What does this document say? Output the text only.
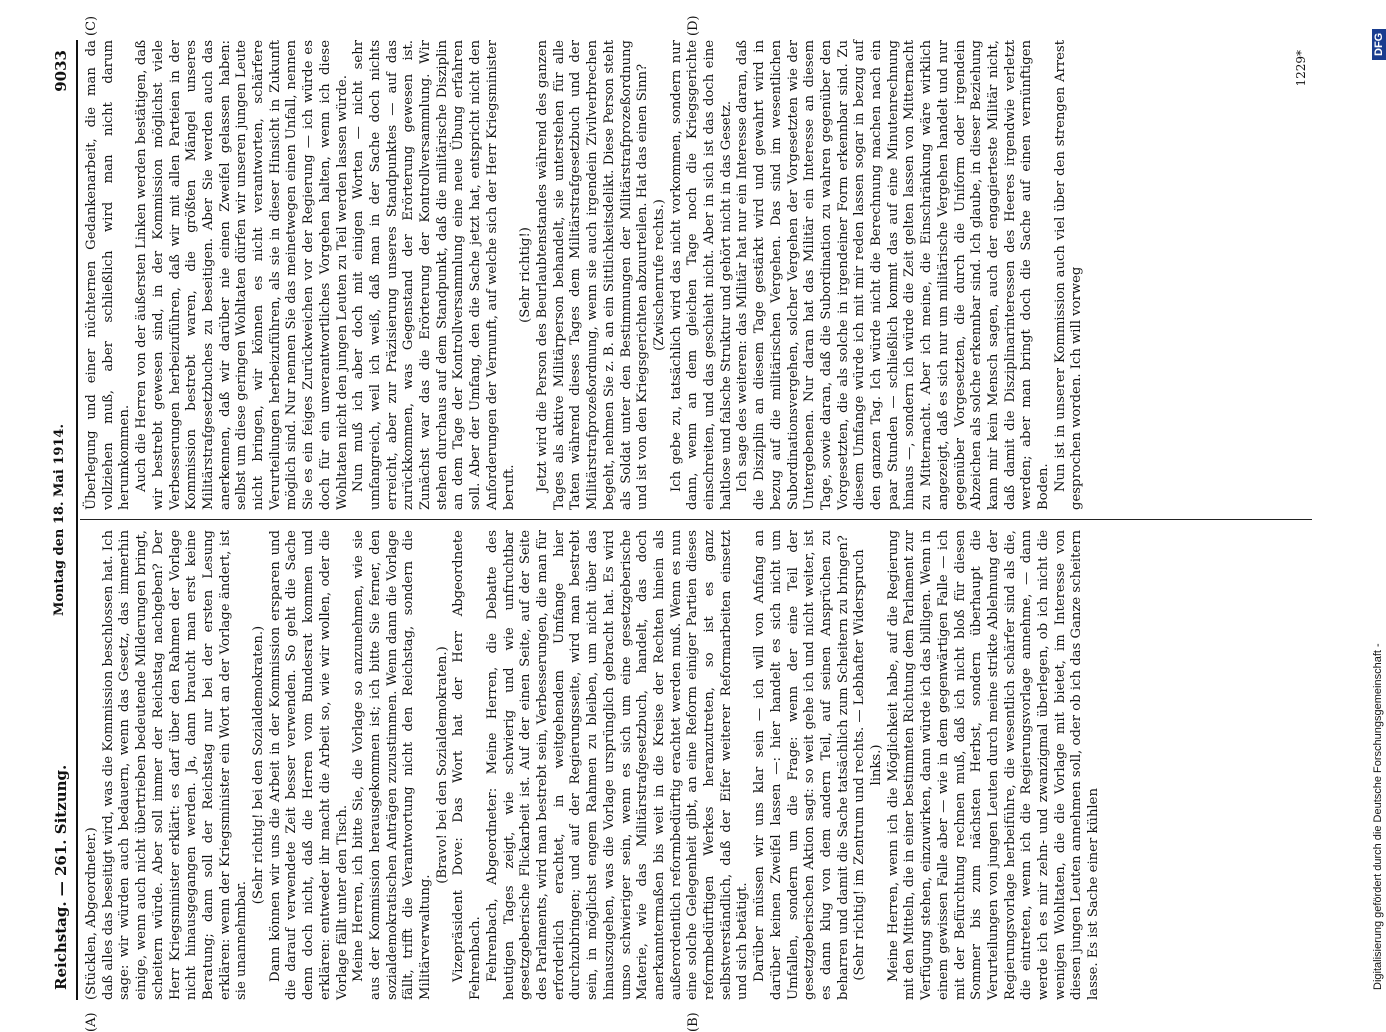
Reichstag. — 261. Sitzung.
Montag den 18. Mai 1914.
9033
(A)	(B)
(C)	(D)

(Stücklen, Abgeordneter.) daß alles das beseitigt wird, was die Kommission beschlossen hat. Ich sage: wir würden auch bedauern, wenn das Gesetz, das immerhin einige, wenn auch nicht übertrieben bedeutende Milderungen bringt, scheitern würde. Aber soll immer der Reichstag nachgeben? Der Herr Kriegsminister erklärt: es darf über den Rahmen der Vorlage nicht hinausgegangen werden. Ja, dann braucht man erst keine Beratung; dann soll der Reichstag nur bei der ersten Lesung erklären: wenn der Kriegsminister ein Wort an der Vorlage ändert, ist sie unannehmbar.

(Sehr richtig! bei den Sozialdemokraten.) Dann können wir uns die Arbeit in der Kommission ersparen und die darauf verwendete Zeit besser verwenden. So geht die Sache denn doch nicht, daß die Herren vom Bundesrat kommen und erklären: entweder ihr macht die Arbeit so, wie wir wollen, oder die Vorlage fällt unter den Tisch. Meine Herren, ich bitte Sie, die Vorlage so anzunehmen, wie sie aus der Kommission herausgekommen ist; ich bitte Sie ferner, den sozialdemokratischen Anträgen zuzustimmen. Wenn dann die Vorlage fällt, trifft die Verantwortung nicht den Reichstag, sondern die Militärverwaltung.

(Bravo! bei den Sozialdemokraten.) Vizepräsident Dove: Das Wort hat der Herr Abgeordnete Fehrenbach. Fehrenbach, Abgeordneter: Meine Herren, die Debatte des heutigen Tages zeigt, wie schwierig und wie unfruchtbar gesetzgeberische Flickarbeit ist. Auf der einen Seite, auf der Seite des Parlaments, wird man bestrebt sein, Verbesserungen, die man für erforderlich erachtet, in weitgehendem Umfange hier durchzubringen; und auf der Regierungsseite, wird man bestrebt sein, in möglichst engem Rahmen zu bleiben, um nicht über das hinauszugehen, was die Vorlage ursprünglich gebracht hat. Es wird umso schwieriger sein, wenn es sich um eine gesetzgeberische Materie, wie das Militärstrafgesetzbuch, handelt, das doch anerkanntermaßen bis weit in die Kreise der Rechten hinein als außerordentlich reformbedürftig erachtet werden muß. Wenn es nun eine solche Gelegenheit gibt, an eine Reform einiger Partien dieses reformbedürftigen Werkes heranzutreten, so ist es ganz selbstverständlich, daß der Eifer weiterer Reformarbeiten einsetzt und sich betätigt. Darüber müssen wir uns klar sein — ich will von Anfang an darüber keinen Zweifel lassen —: hier handelt es sich nicht um Umfallen, sondern um die Frage: wenn der eine Teil der gesetzgeberischen Aktion sagt: so weit gehe ich und nicht weiter, ist es dann klug von dem andern Teil, auf seinen Ansprüchen zu beharren und damit die Sache tatsächlich zum Scheitern zu bringen? (Sehr richtig! im Zentrum und rechts. — Lebhafter Widerspruch links.) Meine Herren, wenn ich die Möglichkeit habe, auf die Regierung mit den Mitteln, die in einer bestimmten Richtung dem Parlament zur Verfügung stehen, einzuwirken, dann würde ich das billigen. Wenn in einem gewissen Falle aber — wie in dem gegenwärtigen Falle — ich mit der Befürchtung rechnen muß, daß ich nicht bloß für diesen Sommer bis zum nächsten Herbst, sondern überhaupt die Verurteilungen von jungen Leuten durch meine strikte Ablehnung der Regierungsvorlage herbeiführe, die wesentlich schärfer sind als die, die eintreten, wenn ich die Regierungsvorlage annehme, — dann werde ich es mir zehn- und zwanzigmal überlegen, ob ich nicht die wenigen Wohltaten, die die Vorlage mit bietet, im Interesse von diesen jungen Leuten annehmen soll, oder ob ich das Ganze scheitern lasse. Es ist Sache einer kühlen

Überlegung und einer nüchternen Gedankenarbeit, die man da vollziehen muß, aber schließlich wird man nicht darum herumkommen. Auch die Herren von der äußersten Linken werden bestätigen, daß wir bestrebt gewesen sind, in der Kommission möglichst viele Verbesserungen herbeizuführen, daß wir mit allen Parteien in der Kommission bestrebt waren, die größten Mängel unseres Militärstrafgesetzbuches zu beseitigen. Aber Sie werden auch das anerkennen, daß wir darüber nie einen Zweifel gelassen haben: selbst um diese geringen Wohltaten dürfen wir unseren jungen Leute nicht bringen, wir können es nicht verantworten, schärfere Verurteilungen herbeizuführen, als sie in dieser Hinsicht in Zukunft möglich sind. Nur nennen Sie das meinetwegen einen Unfall, nennen Sie es ein feiges Zurückweichen vor der Regierung — ich würde es doch für ein unverantwortliches Vorgehen halten, wenn ich diese Wohltaten nicht den jungen Leuten zu Teil werden lassen würde. Nun muß ich aber doch mit einigen Worten — nicht sehr umfangreich, weil ich weiß, daß man in der Sache doch nichts erreicht, aber zur Präzisierung unseres Standpunktes — auf das zurückkommen, was Gegenstand der Erörterung gewesen ist. Zunächst war das die Erörterung der Kontrollversammlung. Wir stehen durchaus auf dem Standpunkt, daß die militärische Disziplin an dem Tage der Kontrollversammlung eine neue Übung erfahren soll. Aber der Umfang, den die Sache jetzt hat, entspricht nicht den Anforderungen der Vernunft, auf welche sich der Herr Kriegsminister beruft.

(Sehr richtig!) Jetzt wird die Person des Beurlaubtenstandes während des ganzen Tages als aktive Militärperson behandelt, sie unterstehen für alle Taten während dieses Tages dem Militärstrafgesetzbuch und der Militärstrafprozeßordnung, wenn sie auch irgendein Zivilverbrechen begeht, nehmen Sie z. B. an ein Sittlichkeitsdelikt. Diese Person steht als Soldat unter den Bestimmungen der Militärstrafprozeßordnung und ist von den Kriegsgerichten abzuurteilen. Hat das einen Sinn? (Zwischenrufe rechts.) Ich gebe zu, tatsächlich wird das nicht vorkommen, sondern nur dann, wenn an dem gleichen Tage noch die Kriegsgerichte einschreiten, und das geschieht nicht. Aber in sich ist das doch eine haltlose und falsche Struktur und gehört nicht in das Gesetz. Ich sage des weiteren: das Militär hat nur ein Interesse daran, daß die Disziplin an diesem Tage gestärkt wird und gewahrt wird in bezug auf die militärischen Vergehen. Das sind im wesentlichen Subordinationsvergehen, solcher Vergehen der Vorgesetzten wie der Untergebenen. Nur daran hat das Militär ein Interesse an diesem Tage, sowie daran, daß die Subordination zu wahren gegenüber den Vorgesetzten, die als solche in irgendeiner Form erkennbar sind. Zu diesem Umfange würde ich mit mir reden lassen sogar in bezug auf den ganzen Tag. Ich würde nicht die Berechnung machen nach ein paar Stunden — schließlich kommt das auf eine Minutenrechnung hinaus —, sondern ich würde die Zeit gelten lassen von Mitternacht zu Mitternacht. Aber ich meine, die Einschränkung wäre wirklich angezeigt, daß es sich nur um militärische Vergehen handelt und nur gegenüber Vorgesetzten, die durch die Uniform oder irgendein Abzeichen als solche erkennbar sind. Ich glaube, in dieser Beziehung kann mir kein Mensch sagen, auch der engagierteste Militär nicht, daß damit die Disziplinarinteressen des Heeres irgendwie verletzt werden; aber man bringt doch die Sache auf einen vernünftigen Boden. Nun ist in unserer Kommission auch viel über den strengen Arrest gesprochen worden. Ich will vorweg

1229*
Digitalisierung gefördert durch die Deutsche Forschungsgemeinschaft -
DFG
